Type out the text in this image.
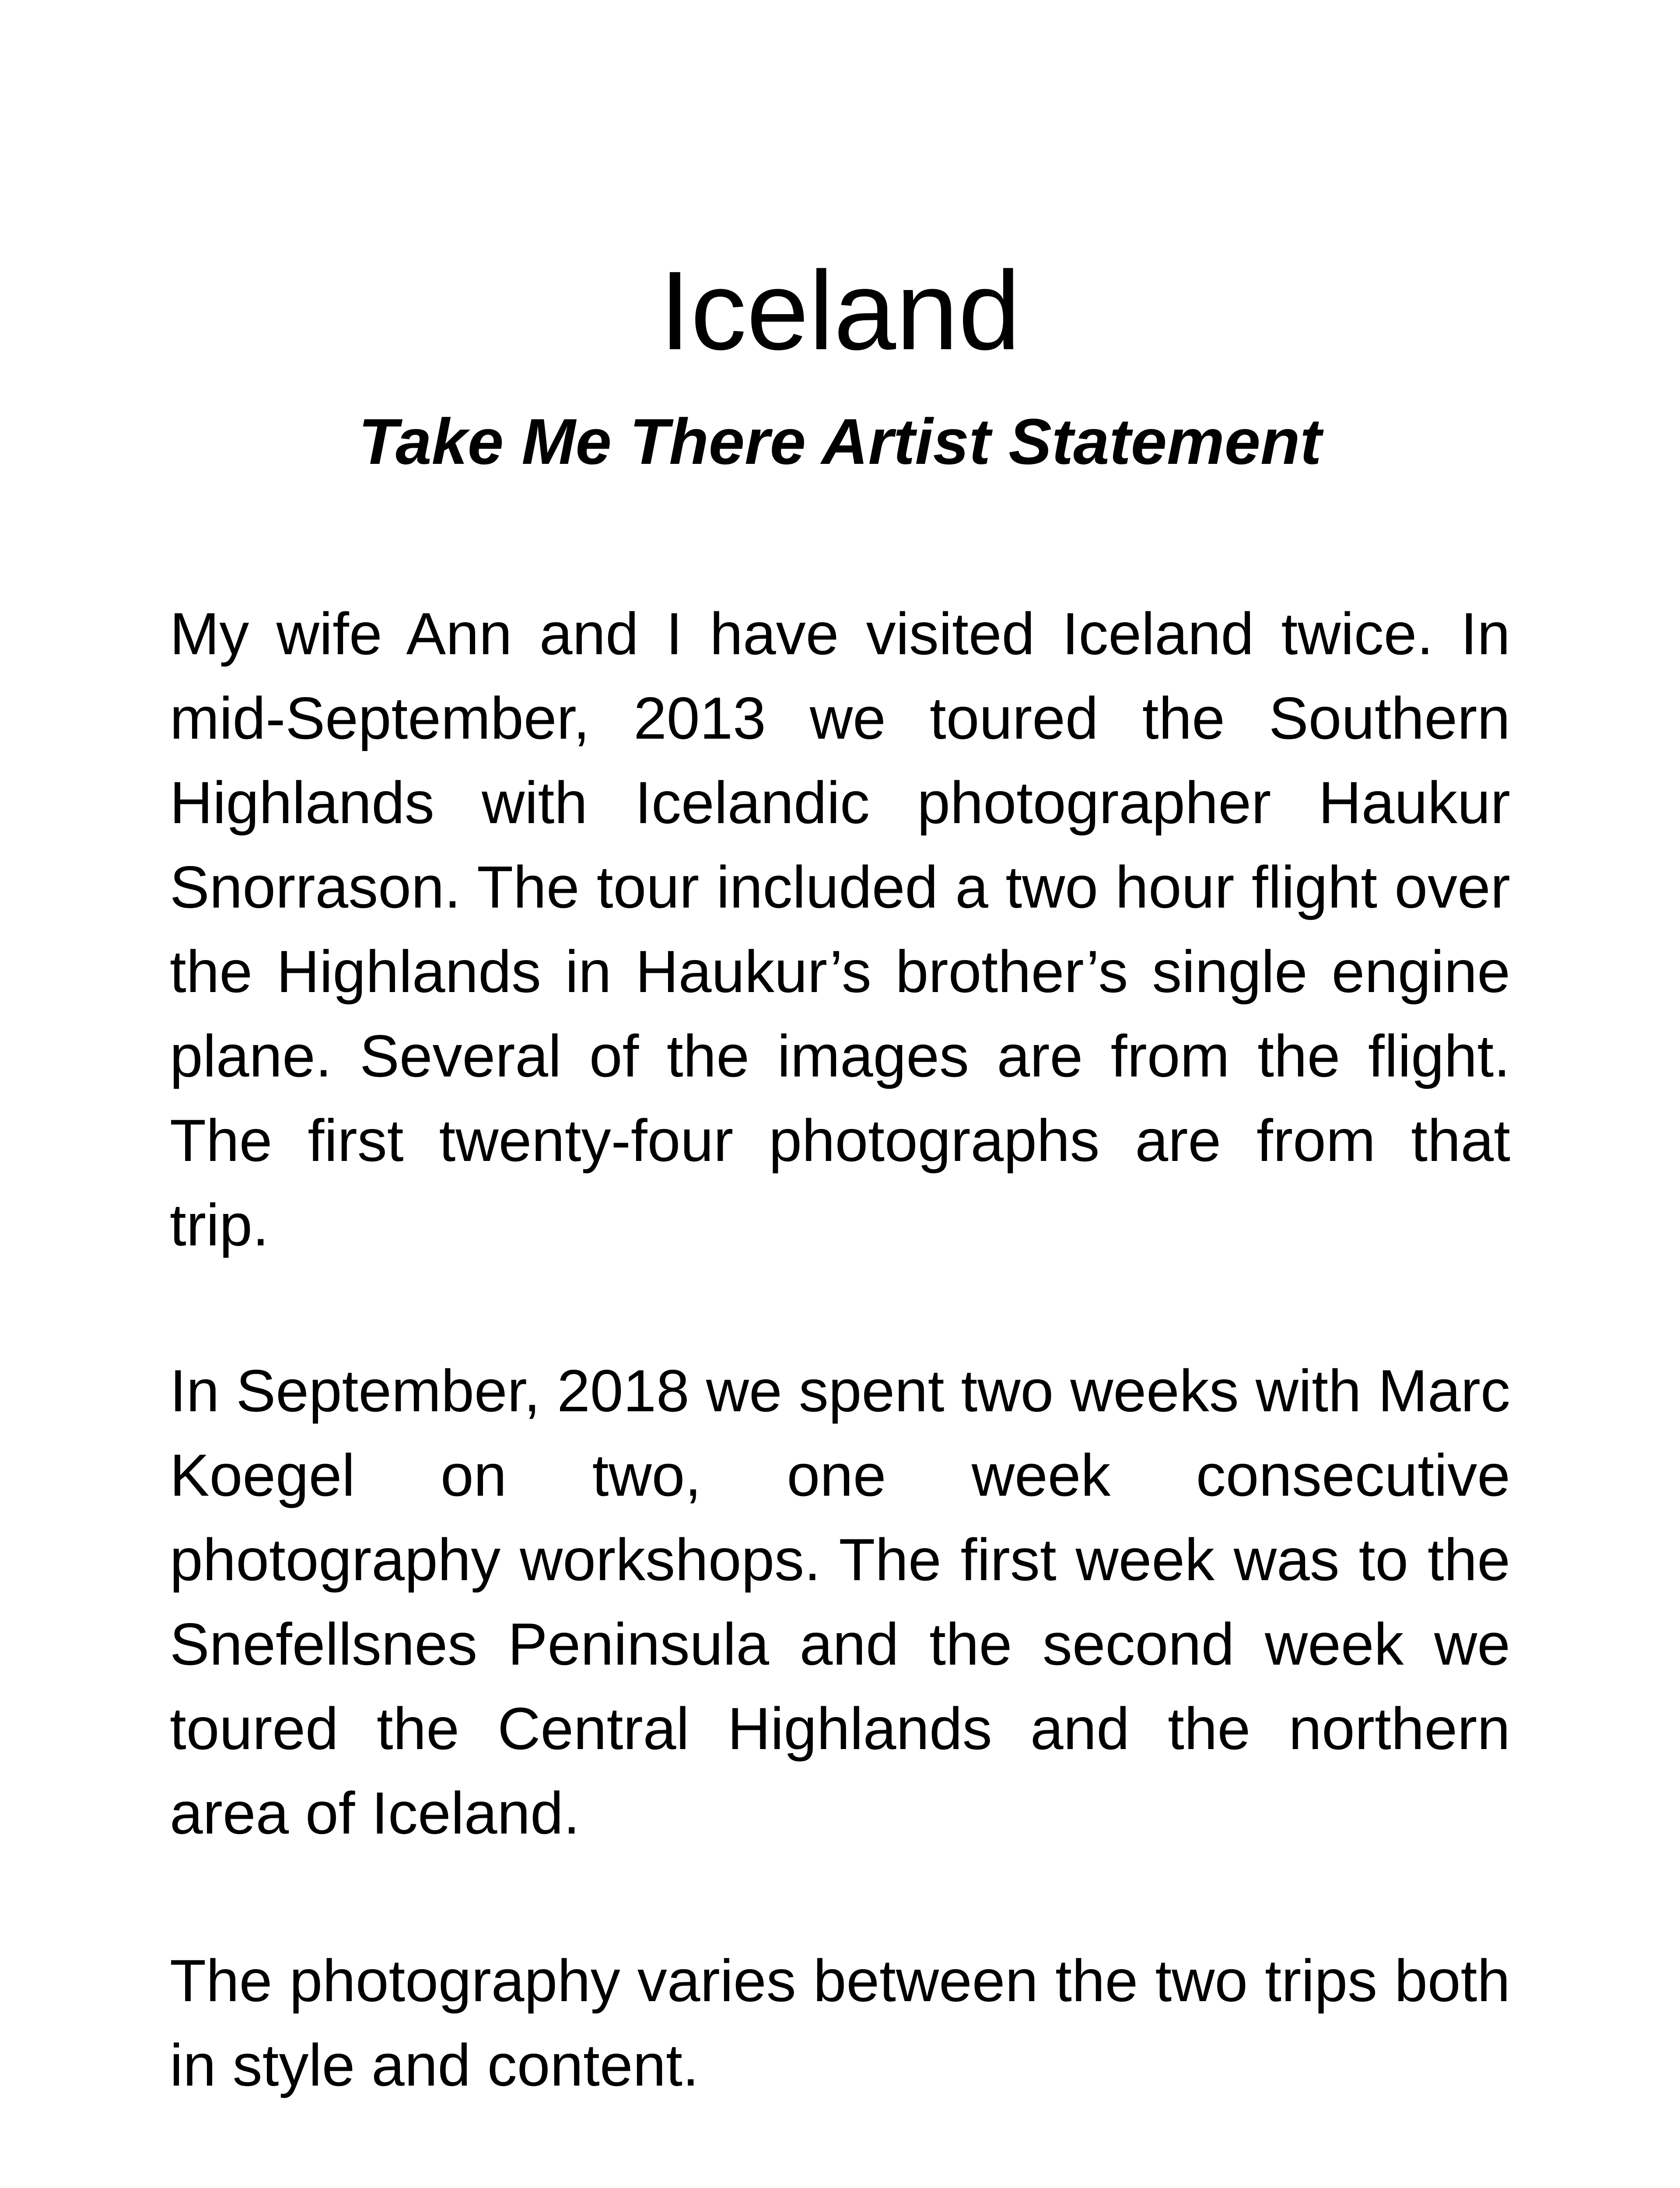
Iceland
Take Me There Artist Statement

My wife Ann and I have visited Iceland twice. In mid-September, 2013 we toured the Southern Highlands with Icelandic photographer Haukur Snorrason. The tour included a two hour flight over the Highlands in Haukur’s brother’s single engine plane. Several of the images are from the flight. The first twenty-four photographs are from that trip.

In September, 2018 we spent two weeks with Marc Koegel on two, one week consecutive photography workshops. The first week was to the Snefellsnes Peninsula and the second week we toured the Central Highlands and the northern area of Iceland.

The photography varies between the two trips both in style and content.
